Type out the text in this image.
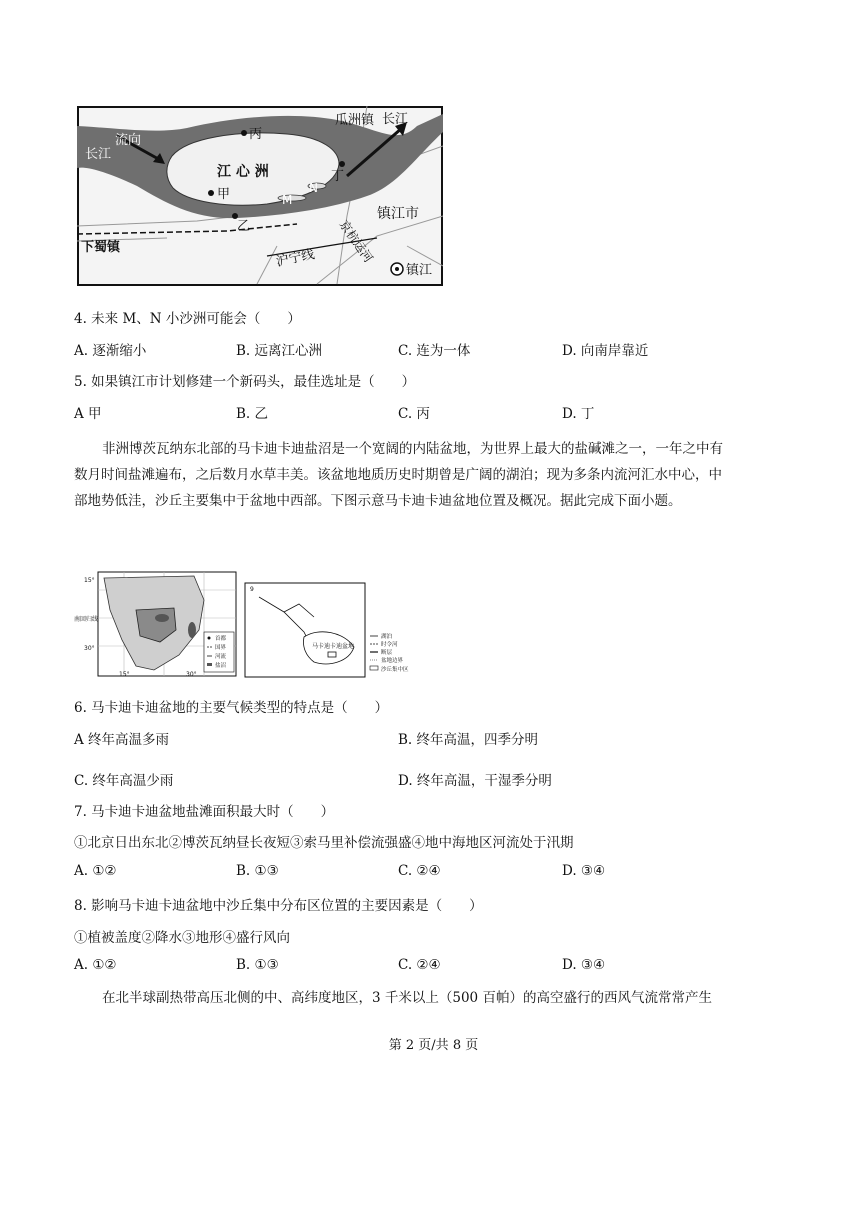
流向
长江
长江
江 心 洲
丙
甲
乙
丁
M
N
瓜洲镇
镇江市
下蜀镇	沪宁线 京杭运河
镇江
4. 未来 M、N 小沙洲可能会（　　）
A. 逐渐缩小	B. 远离江心洲	C. 连为一体	D. 向南岸靠近
5. 如果镇江市计划修建一个新码头，最佳选址是（　　）
A 甲	B. 乙	C. 丙	D. 丁
非洲博茨瓦纳东北部的马卡迪卡迪盐沼是一个宽阔的内陆盆地，为世界上最大的盐碱滩之一，一年之中有数月时间盐滩遍布，之后数月水草丰美。该盆地地质历史时期曾是广阔的湖泊；现为多条内流河汇水中心，中部地势低洼，沙丘主要集中于盆地中西部。下图示意马卡迪卡迪盆地位置及概况。据此完成下面小题。
15°
南回归线
30°
15°	30°
首都
国界
河流
盐沼
9
马卡迪卡迪盆地
湖泊
时令河
断层
盆地边界
沙丘集中区
6. 马卡迪卡迪盆地的主要气候类型的特点是（　　）
A 终年高温多雨	B. 终年高温，四季分明
C. 终年高温少雨	D. 终年高温，干湿季分明
7. 马卡迪卡迪盆地盐滩面积最大时（　　）
①北京日出东北②博茨瓦纳昼长夜短③索马里补偿流强盛④地中海地区河流处于汛期
A. ①②	B. ①③	C. ②④	D. ③④
8. 影响马卡迪卡迪盆地中沙丘集中分布区位置的主要因素是（　　）
①植被盖度②降水③地形④盛行风向
A. ①②	B. ①③	C. ②④	D. ③④
在北半球副热带高压北侧的中、高纬度地区，3 千米以上（500 百帕）的高空盛行的西风气流常常产生
第 2 页/共 8 页
